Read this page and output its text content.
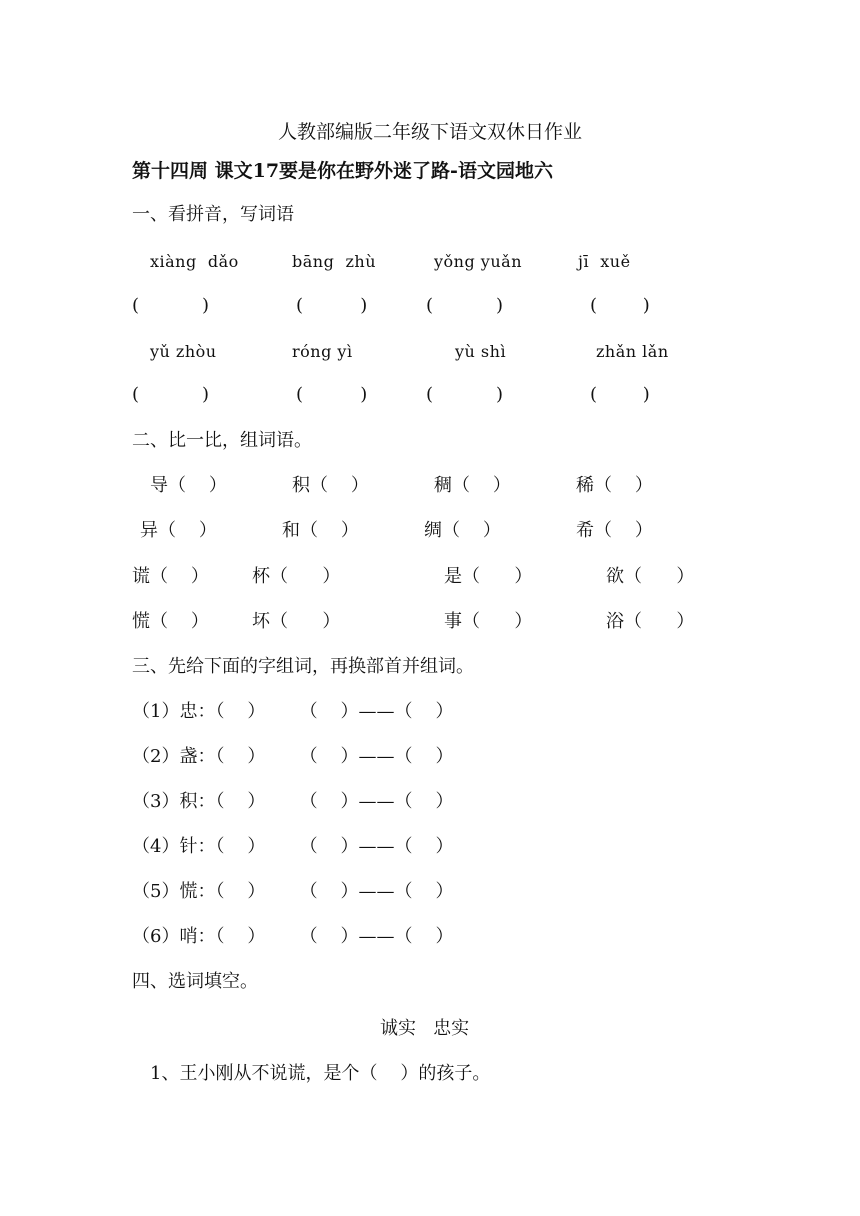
人教部编版二年级下语文双休日作业
第十四周 课文17要是你在野外迷了路-语文园地六
一、看拼音，写词语
xiàng  dǎo	bāng  zhù	yǒng yuǎn	jī  xuě
(           )	(          )	(           )	(        )
yǔ zhòu	róng yì	yù shì	zhǎn lǎn
(           )	(          )	(           )	(        )
二、比一比，组词语。
导（    ）	积（    ）	稠（    ）	稀（    ）
异（    ）	和（    ）	绸（    ）	希（    ）
谎（    ） 杯（      ）	是（      ）	欲（      ）
慌（    ） 坏（      ）	事（      ）	浴（      ）
三、先给下面的字组词，再换部首并组词。
（1）忠：（    ）      （    ）——（    ）
（2）盏：（    ）      （    ）——（    ）
（3）积：（    ）      （    ）——（    ）
（4）针：（    ）      （    ）——（    ）
（5）慌：（    ）      （    ）——（    ）
（6）哨：（    ）      （    ）——（    ）
四、选词填空。
诚实   忠实
1、王小刚从不说谎，是个（    ）的孩子。
